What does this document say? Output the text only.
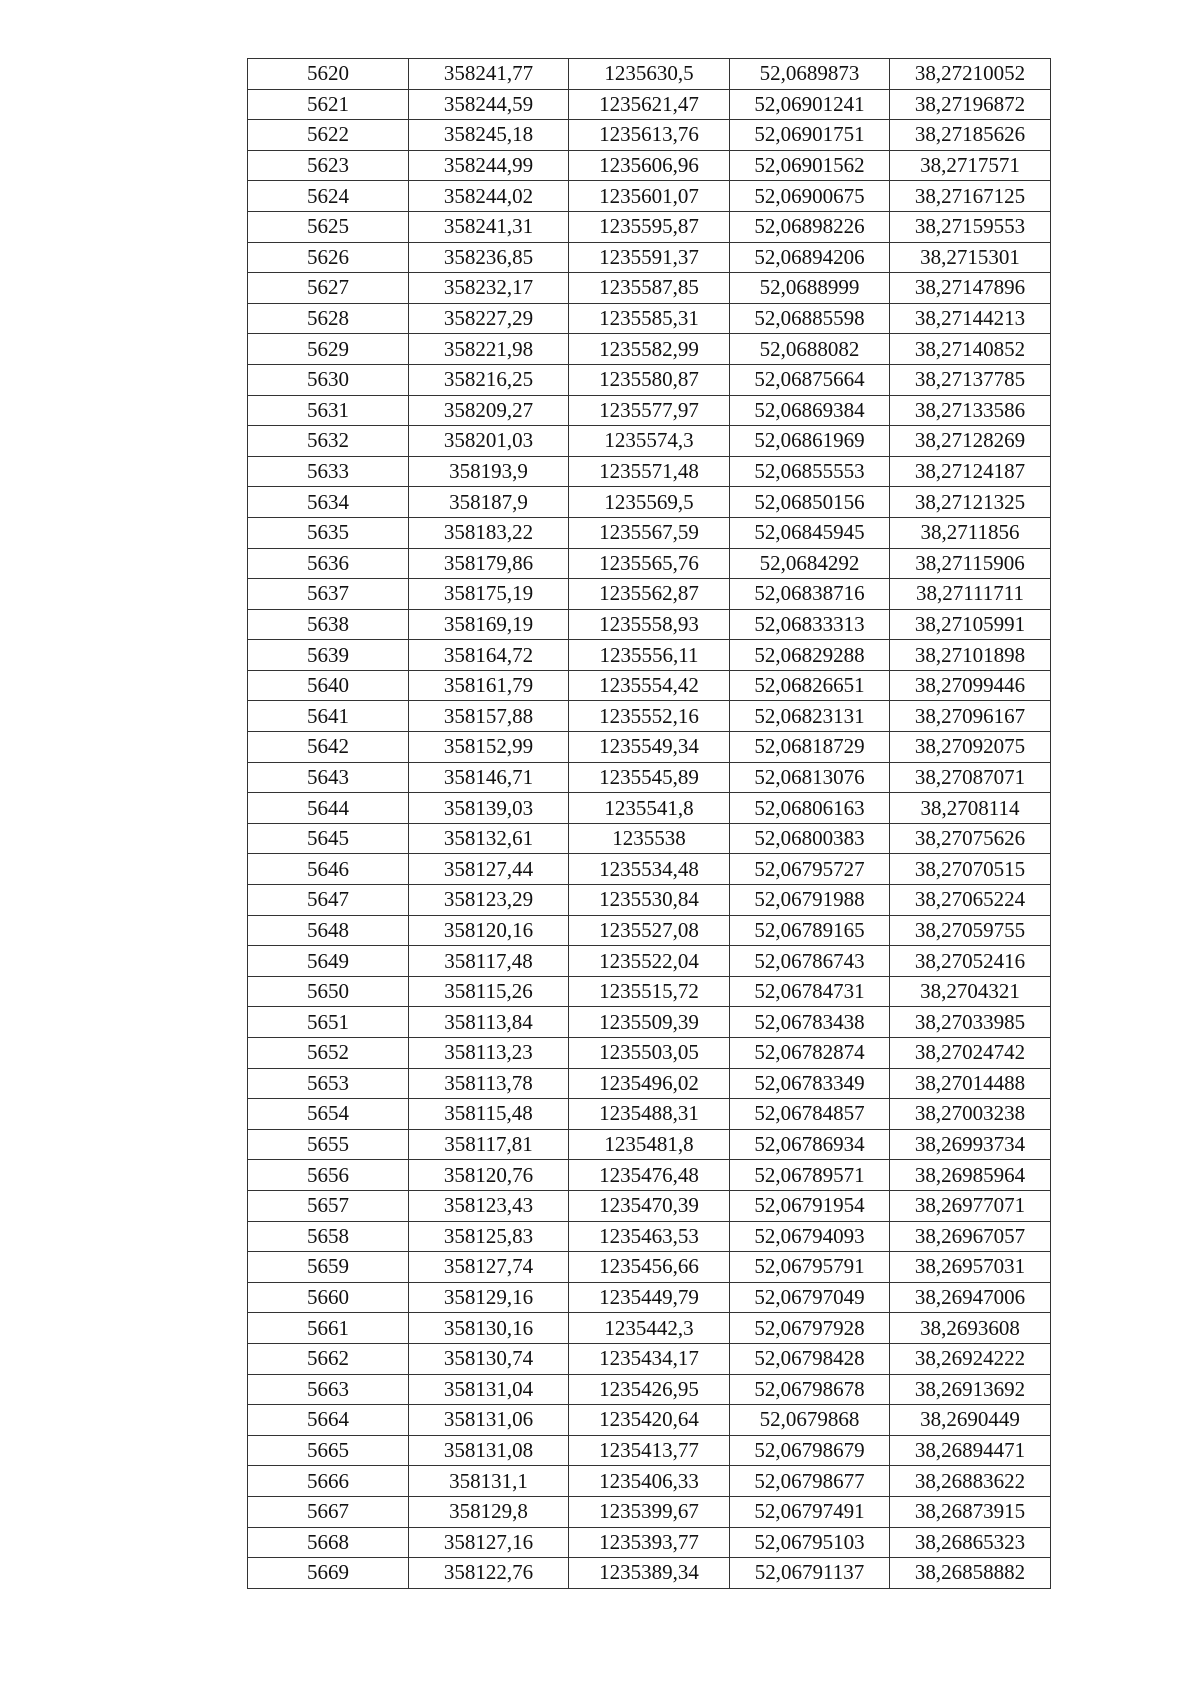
5620	358241,77	1235630,5	52,0689873	38,27210052
5621	358244,59	1235621,47	52,06901241	38,27196872
5622	358245,18	1235613,76	52,06901751	38,27185626
5623	358244,99	1235606,96	52,06901562	38,2717571
5624	358244,02	1235601,07	52,06900675	38,27167125
5625	358241,31	1235595,87	52,06898226	38,27159553
5626	358236,85	1235591,37	52,06894206	38,2715301
5627	358232,17	1235587,85	52,0688999	38,27147896
5628	358227,29	1235585,31	52,06885598	38,27144213
5629	358221,98	1235582,99	52,0688082	38,27140852
5630	358216,25	1235580,87	52,06875664	38,27137785
5631	358209,27	1235577,97	52,06869384	38,27133586
5632	358201,03	1235574,3	52,06861969	38,27128269
5633	358193,9	1235571,48	52,06855553	38,27124187
5634	358187,9	1235569,5	52,06850156	38,27121325
5635	358183,22	1235567,59	52,06845945	38,2711856
5636	358179,86	1235565,76	52,0684292	38,27115906
5637	358175,19	1235562,87	52,06838716	38,27111711
5638	358169,19	1235558,93	52,06833313	38,27105991
5639	358164,72	1235556,11	52,06829288	38,27101898
5640	358161,79	1235554,42	52,06826651	38,27099446
5641	358157,88	1235552,16	52,06823131	38,27096167
5642	358152,99	1235549,34	52,06818729	38,27092075
5643	358146,71	1235545,89	52,06813076	38,27087071
5644	358139,03	1235541,8	52,06806163	38,2708114
5645	358132,61	1235538	52,06800383	38,27075626
5646	358127,44	1235534,48	52,06795727	38,27070515
5647	358123,29	1235530,84	52,06791988	38,27065224
5648	358120,16	1235527,08	52,06789165	38,27059755
5649	358117,48	1235522,04	52,06786743	38,27052416
5650	358115,26	1235515,72	52,06784731	38,2704321
5651	358113,84	1235509,39	52,06783438	38,27033985
5652	358113,23	1235503,05	52,06782874	38,27024742
5653	358113,78	1235496,02	52,06783349	38,27014488
5654	358115,48	1235488,31	52,06784857	38,27003238
5655	358117,81	1235481,8	52,06786934	38,26993734
5656	358120,76	1235476,48	52,06789571	38,26985964
5657	358123,43	1235470,39	52,06791954	38,26977071
5658	358125,83	1235463,53	52,06794093	38,26967057
5659	358127,74	1235456,66	52,06795791	38,26957031
5660	358129,16	1235449,79	52,06797049	38,26947006
5661	358130,16	1235442,3	52,06797928	38,2693608
5662	358130,74	1235434,17	52,06798428	38,26924222
5663	358131,04	1235426,95	52,06798678	38,26913692
5664	358131,06	1235420,64	52,0679868	38,2690449
5665	358131,08	1235413,77	52,06798679	38,26894471
5666	358131,1	1235406,33	52,06798677	38,26883622
5667	358129,8	1235399,67	52,06797491	38,26873915
5668	358127,16	1235393,77	52,06795103	38,26865323
5669	358122,76	1235389,34	52,06791137	38,26858882
